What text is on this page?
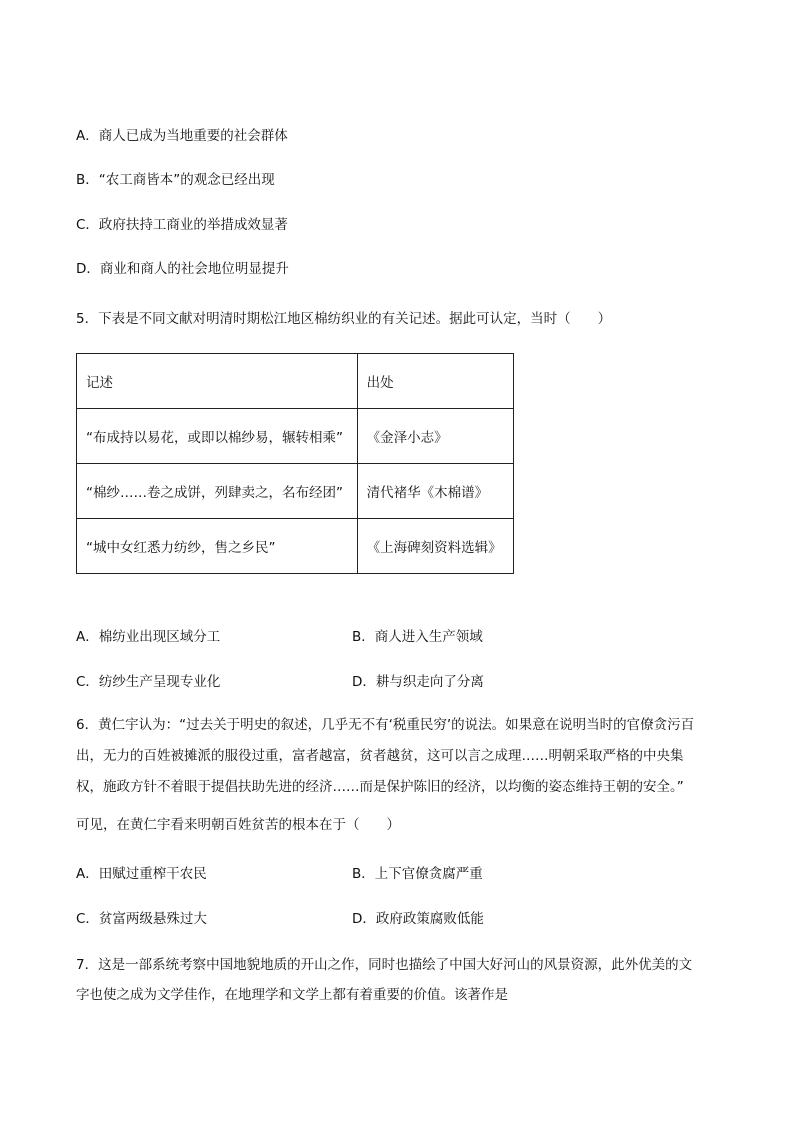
A．商人已成为当地重要的社会群体
B．“农工商皆本”的观念已经出现
C．政府扶持工商业的举措成效显著
D．商业和商人的社会地位明显提升
5．下表是不同文献对明清时期松江地区棉纺织业的有关记述。据此可认定，当时（　　）
记述	出处
“布成持以易花，或即以棉纱易，辗转相乘”	《金泽小志》
“棉纱……卷之成饼，列肆卖之，名布经团”	清代褚华《木棉谱》
“城中女红悉力纺纱，售之乡民”	《上海碑刻资料选辑》
A．棉纺业出现区域分工	B．商人进入生产领域
C．纺纱生产呈现专业化	D．耕与织走向了分离
6．黄仁宇认为：“过去关于明史的叙述，几乎无不有‘税重民穷’的说法。如果意在说明当时的官僚贪污百
出，无力的百姓被摊派的服役过重，富者越富，贫者越贫，这可以言之成理……明朝采取严格的中央集
权，施政方针不着眼于提倡扶助先进的经济……而是保护陈旧的经济，以均衡的姿态维持王朝的安全。”
可见，在黄仁宇看来明朝百姓贫苦的根本在于（　　）
A．田赋过重榨干农民	B．上下官僚贪腐严重
C．贫富两级悬殊过大	D．政府政策腐败低能
7．这是一部系统考察中国地貌地质的开山之作，同时也描绘了中国大好河山的风景资源，此外优美的文
字也使之成为文学佳作，在地理学和文学上都有着重要的价值。该著作是
